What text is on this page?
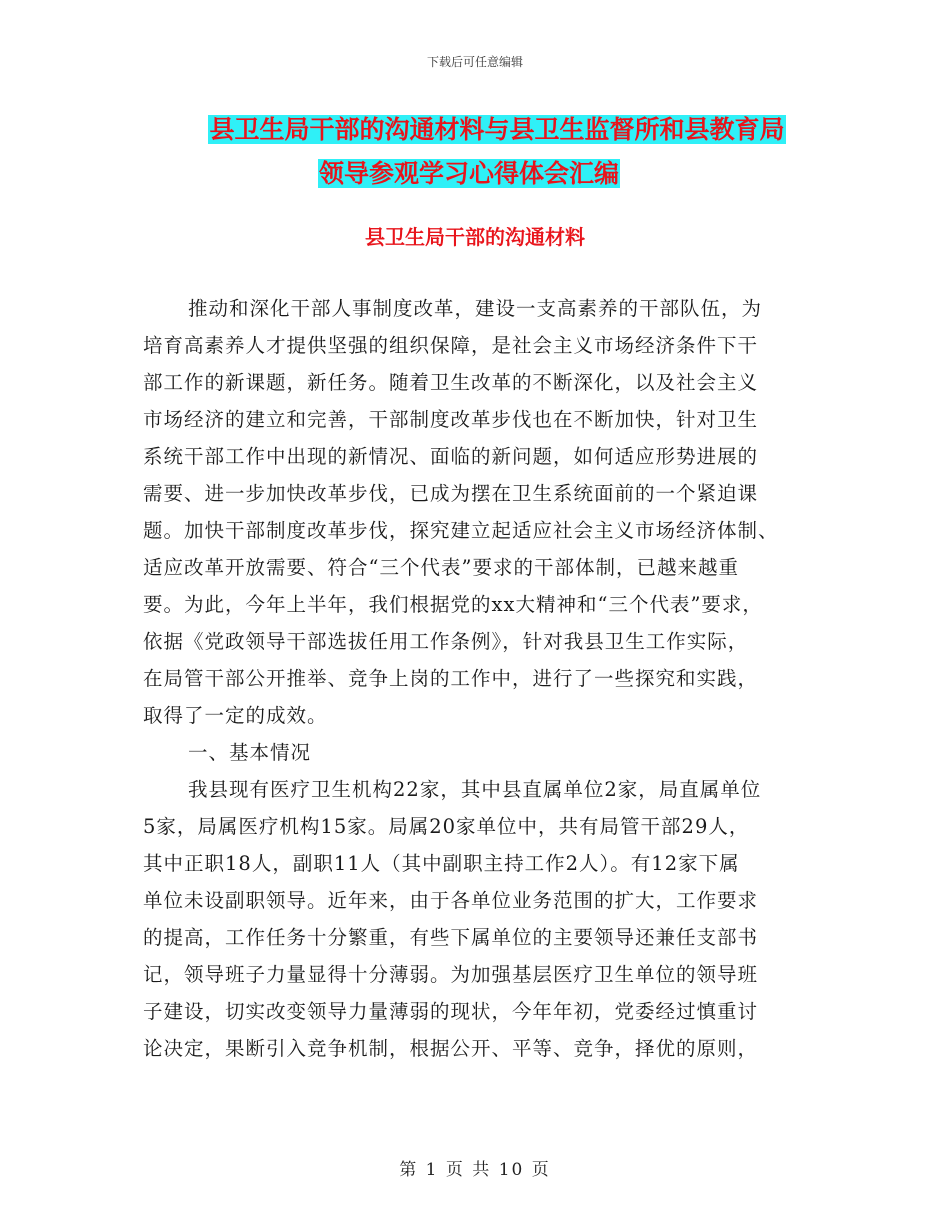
下载后可任意编辑
县卫生局干部的沟通材料与县卫生监督所和县教育局
领导参观学习心得体会汇编
县卫生局干部的沟通材料
推动和深化干部人事制度改革，建设一支高素养的干部队伍，为
培育高素养人才提供坚强的组织保障，是社会主义市场经济条件下干
部工作的新课题，新任务。随着卫生改革的不断深化，以及社会主义
市场经济的建立和完善，干部制度改革步伐也在不断加快，针对卫生
系统干部工作中出现的新情况、面临的新问题，如何适应形势进展的
需要、进一步加快改革步伐，已成为摆在卫生系统面前的一个紧迫课
题。加快干部制度改革步伐，探究建立起适应社会主义市场经济体制、
适应改革开放需要、符合“三个代表”要求的干部体制，已越来越重
要。为此，今年上半年，我们根据党的xx大精神和“三个代表”要求，
依据《党政领导干部选拔任用工作条例》，针对我县卫生工作实际，
在局管干部公开推举、竞争上岗的工作中，进行了一些探究和实践，
取得了一定的成效。
一、基本情况
我县现有医疗卫生机构22家，其中县直属单位2家，局直属单位
5家，局属医疗机构15家。局属20家单位中，共有局管干部29人，
其中正职18人，副职11人（其中副职主持工作2人）。有12家下属
单位未设副职领导。近年来，由于各单位业务范围的扩大，工作要求
的提高，工作任务十分繁重，有些下属单位的主要领导还兼任支部书
记，领导班子力量显得十分薄弱。为加强基层医疗卫生单位的领导班
子建设，切实改变领导力量薄弱的现状，今年年初，党委经过慎重讨
论决定，果断引入竞争机制，根据公开、平等、竞争，择优的原则，
第 1 页 共 10 页
